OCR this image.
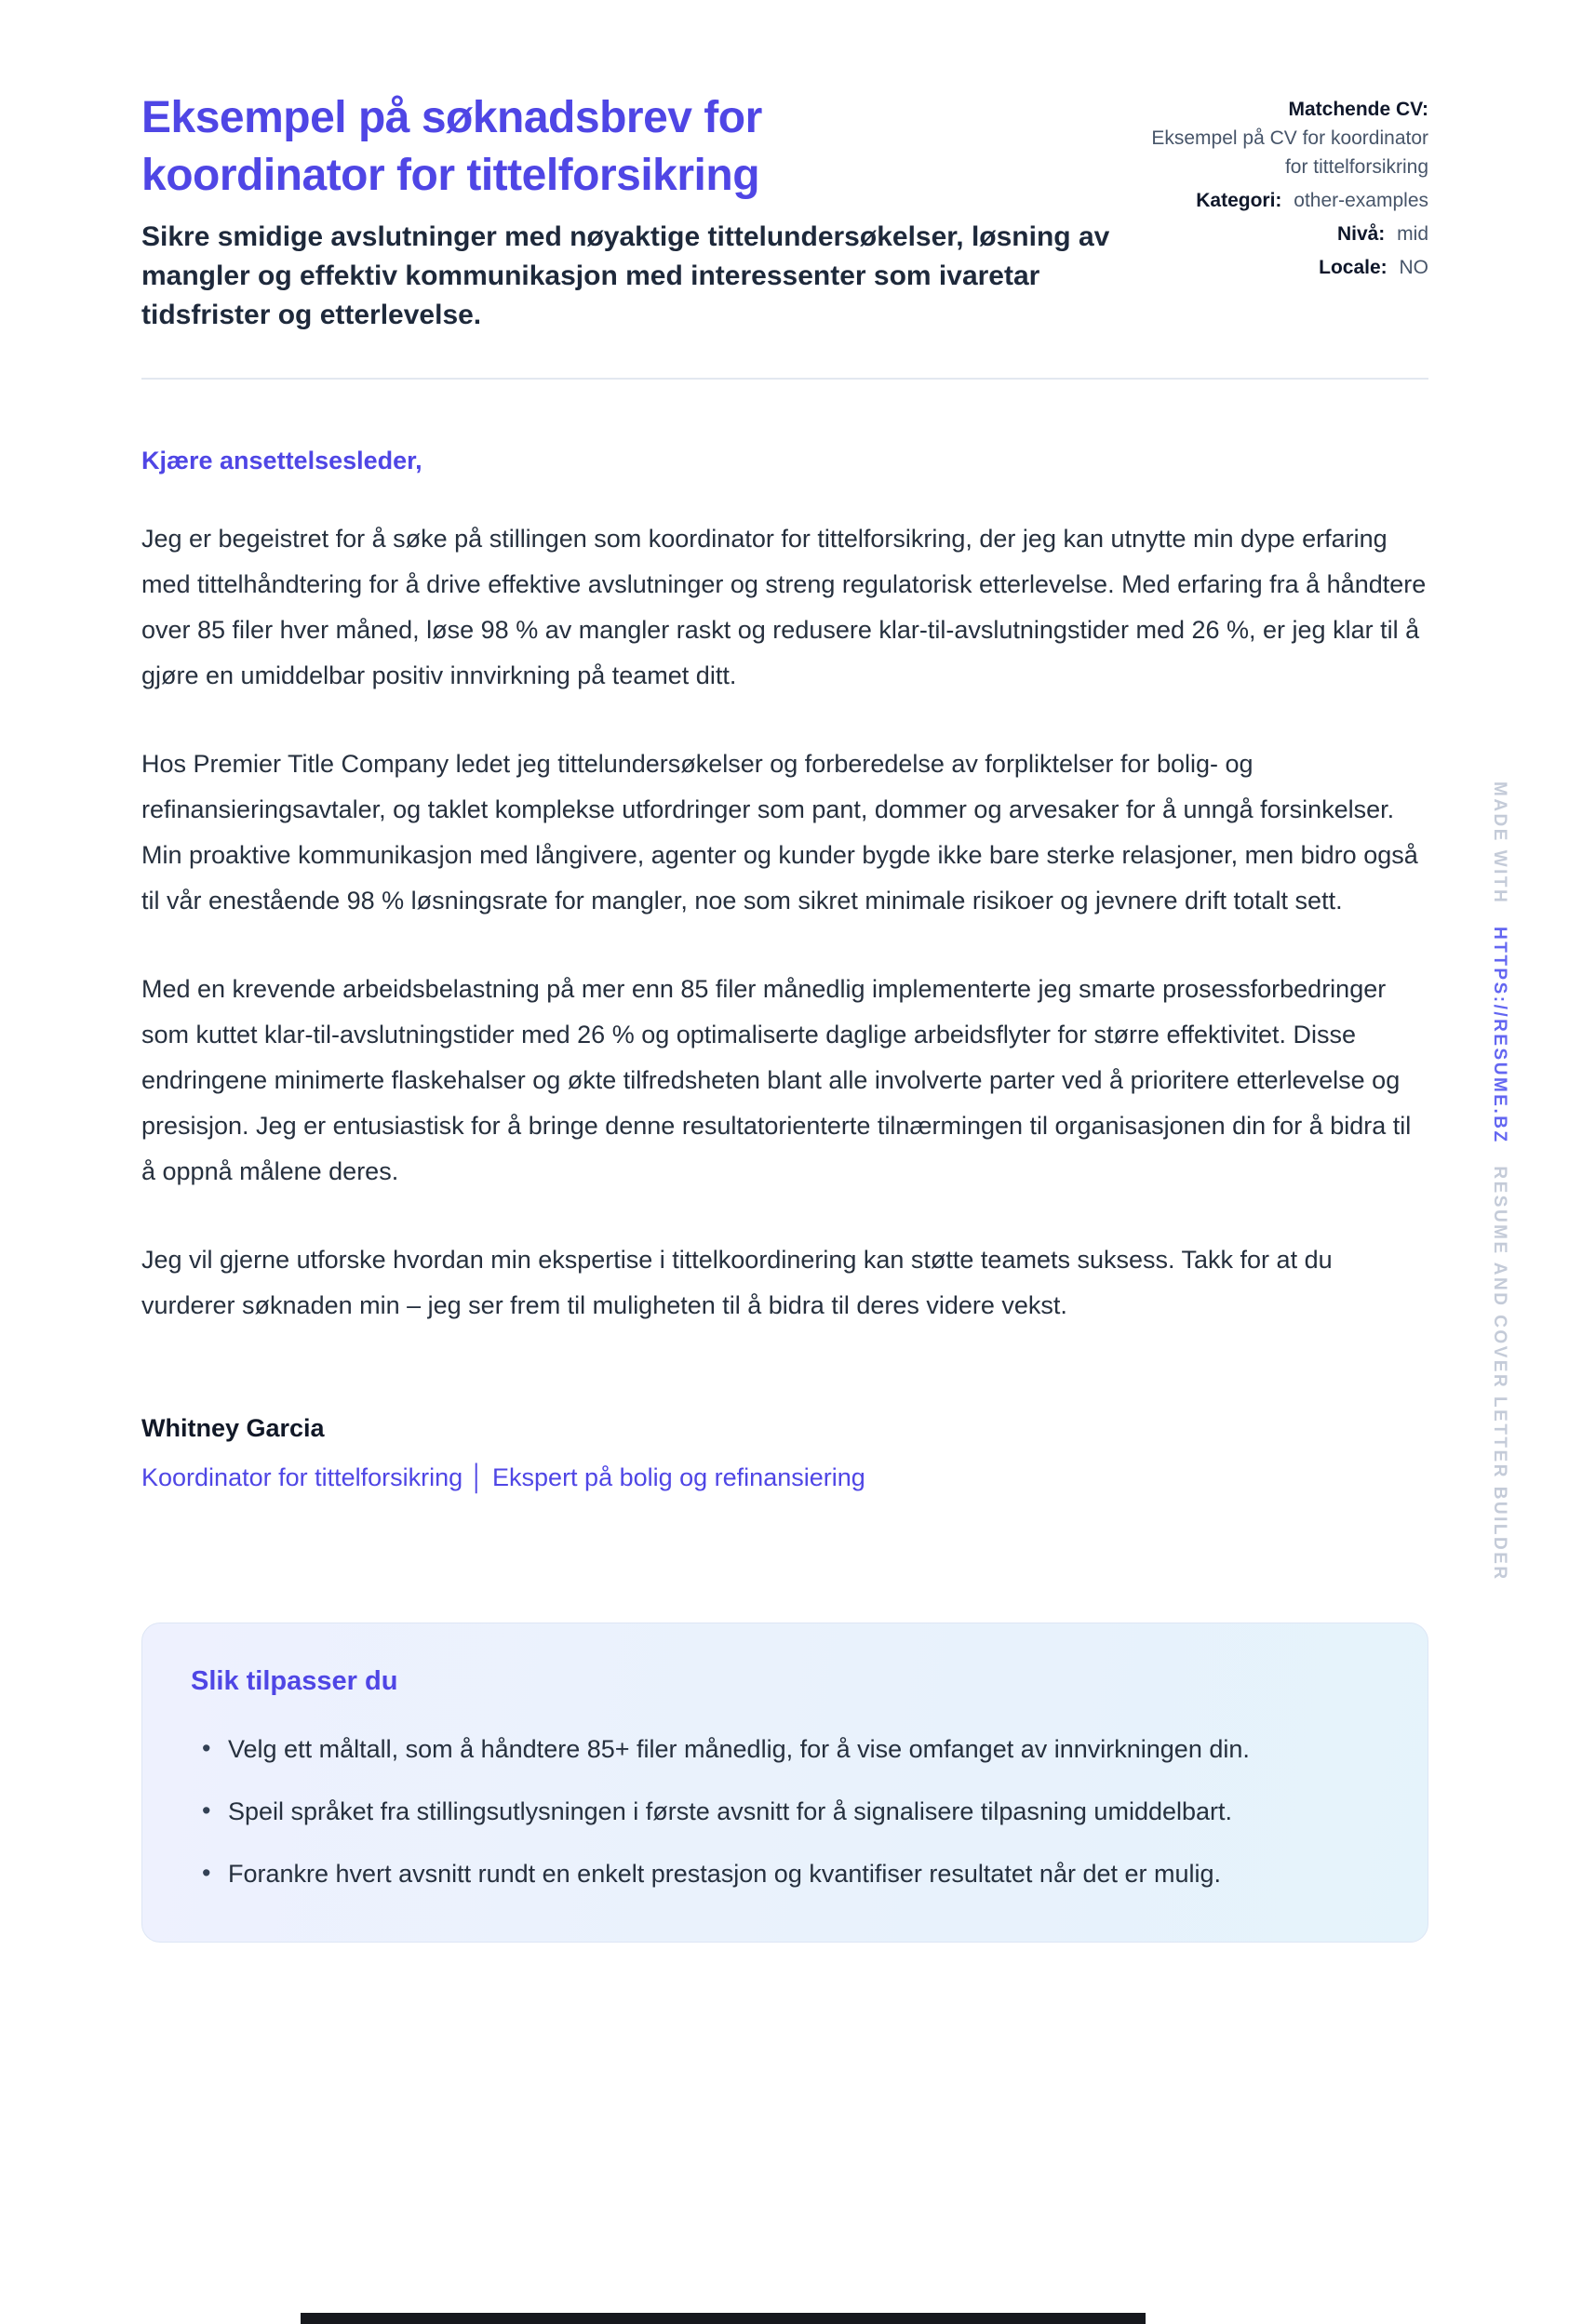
Eksempel på søknadsbrev for koordinator for tittelforsikring

Sikre smidige avslutninger med nøyaktige tittelundersøkelser, løsning av mangler og effektiv kommunikasjon med interessenter som ivaretar tidsfrister og etterlevelse.

Matchende CV:
Eksempel på CV for koordinator for tittelforsikring
Kategori: other-examples
Nivå: mid
Locale: NO

Kjære ansettelsesleder,

Jeg er begeistret for å søke på stillingen som koordinator for tittelforsikring, der jeg kan utnytte min dype erfaring med tittelhåndtering for å drive effektive avslutninger og streng regulatorisk etterlevelse. Med erfaring fra å håndtere over 85 filer hver måned, løse 98 % av mangler raskt og redusere klar-til-avslutningstider med 26 %, er jeg klar til å gjøre en umiddelbar positiv innvirkning på teamet ditt.

Hos Premier Title Company ledet jeg tittelundersøkelser og forberedelse av forpliktelser for bolig- og refinansieringsavtaler, og taklet komplekse utfordringer som pant, dommer og arvesaker for å unngå forsinkelser. Min proaktive kommunikasjon med långivere, agenter og kunder bygde ikke bare sterke relasjoner, men bidro også til vår enestående 98 % løsningsrate for mangler, noe som sikret minimale risikoer og jevnere drift totalt sett.

Med en krevende arbeidsbelastning på mer enn 85 filer månedlig implementerte jeg smarte prosessforbedringer som kuttet klar-til-avslutningstider med 26 % og optimaliserte daglige arbeidsflyter for større effektivitet. Disse endringene minimerte flaskehalser og økte tilfredsheten blant alle involverte parter ved å prioritere etterlevelse og presisjon. Jeg er entusiastisk for å bringe denne resultatorienterte tilnærmingen til organisasjonen din for å bidra til å oppnå målene deres.

Jeg vil gjerne utforske hvordan min ekspertise i tittelkoordinering kan støtte teamets suksess. Takk for at du vurderer søknaden min – jeg ser frem til muligheten til å bidra til deres videre vekst.

Whitney Garcia

Koordinator for tittelforsikring │ Ekspert på bolig og refinansiering

Slik tilpasser du
• Velg ett måltall, som å håndtere 85+ filer månedlig, for å vise omfanget av innvirkningen din.
• Speil språket fra stillingsutlysningen i første avsnitt for å signalisere tilpasning umiddelbart.
• Forankre hvert avsnitt rundt en enkelt prestasjon og kvantifiser resultatet når det er mulig.
MADE WITH HTTPS://RESUME.BZ RESUME AND COVER LETTER BUILDER
